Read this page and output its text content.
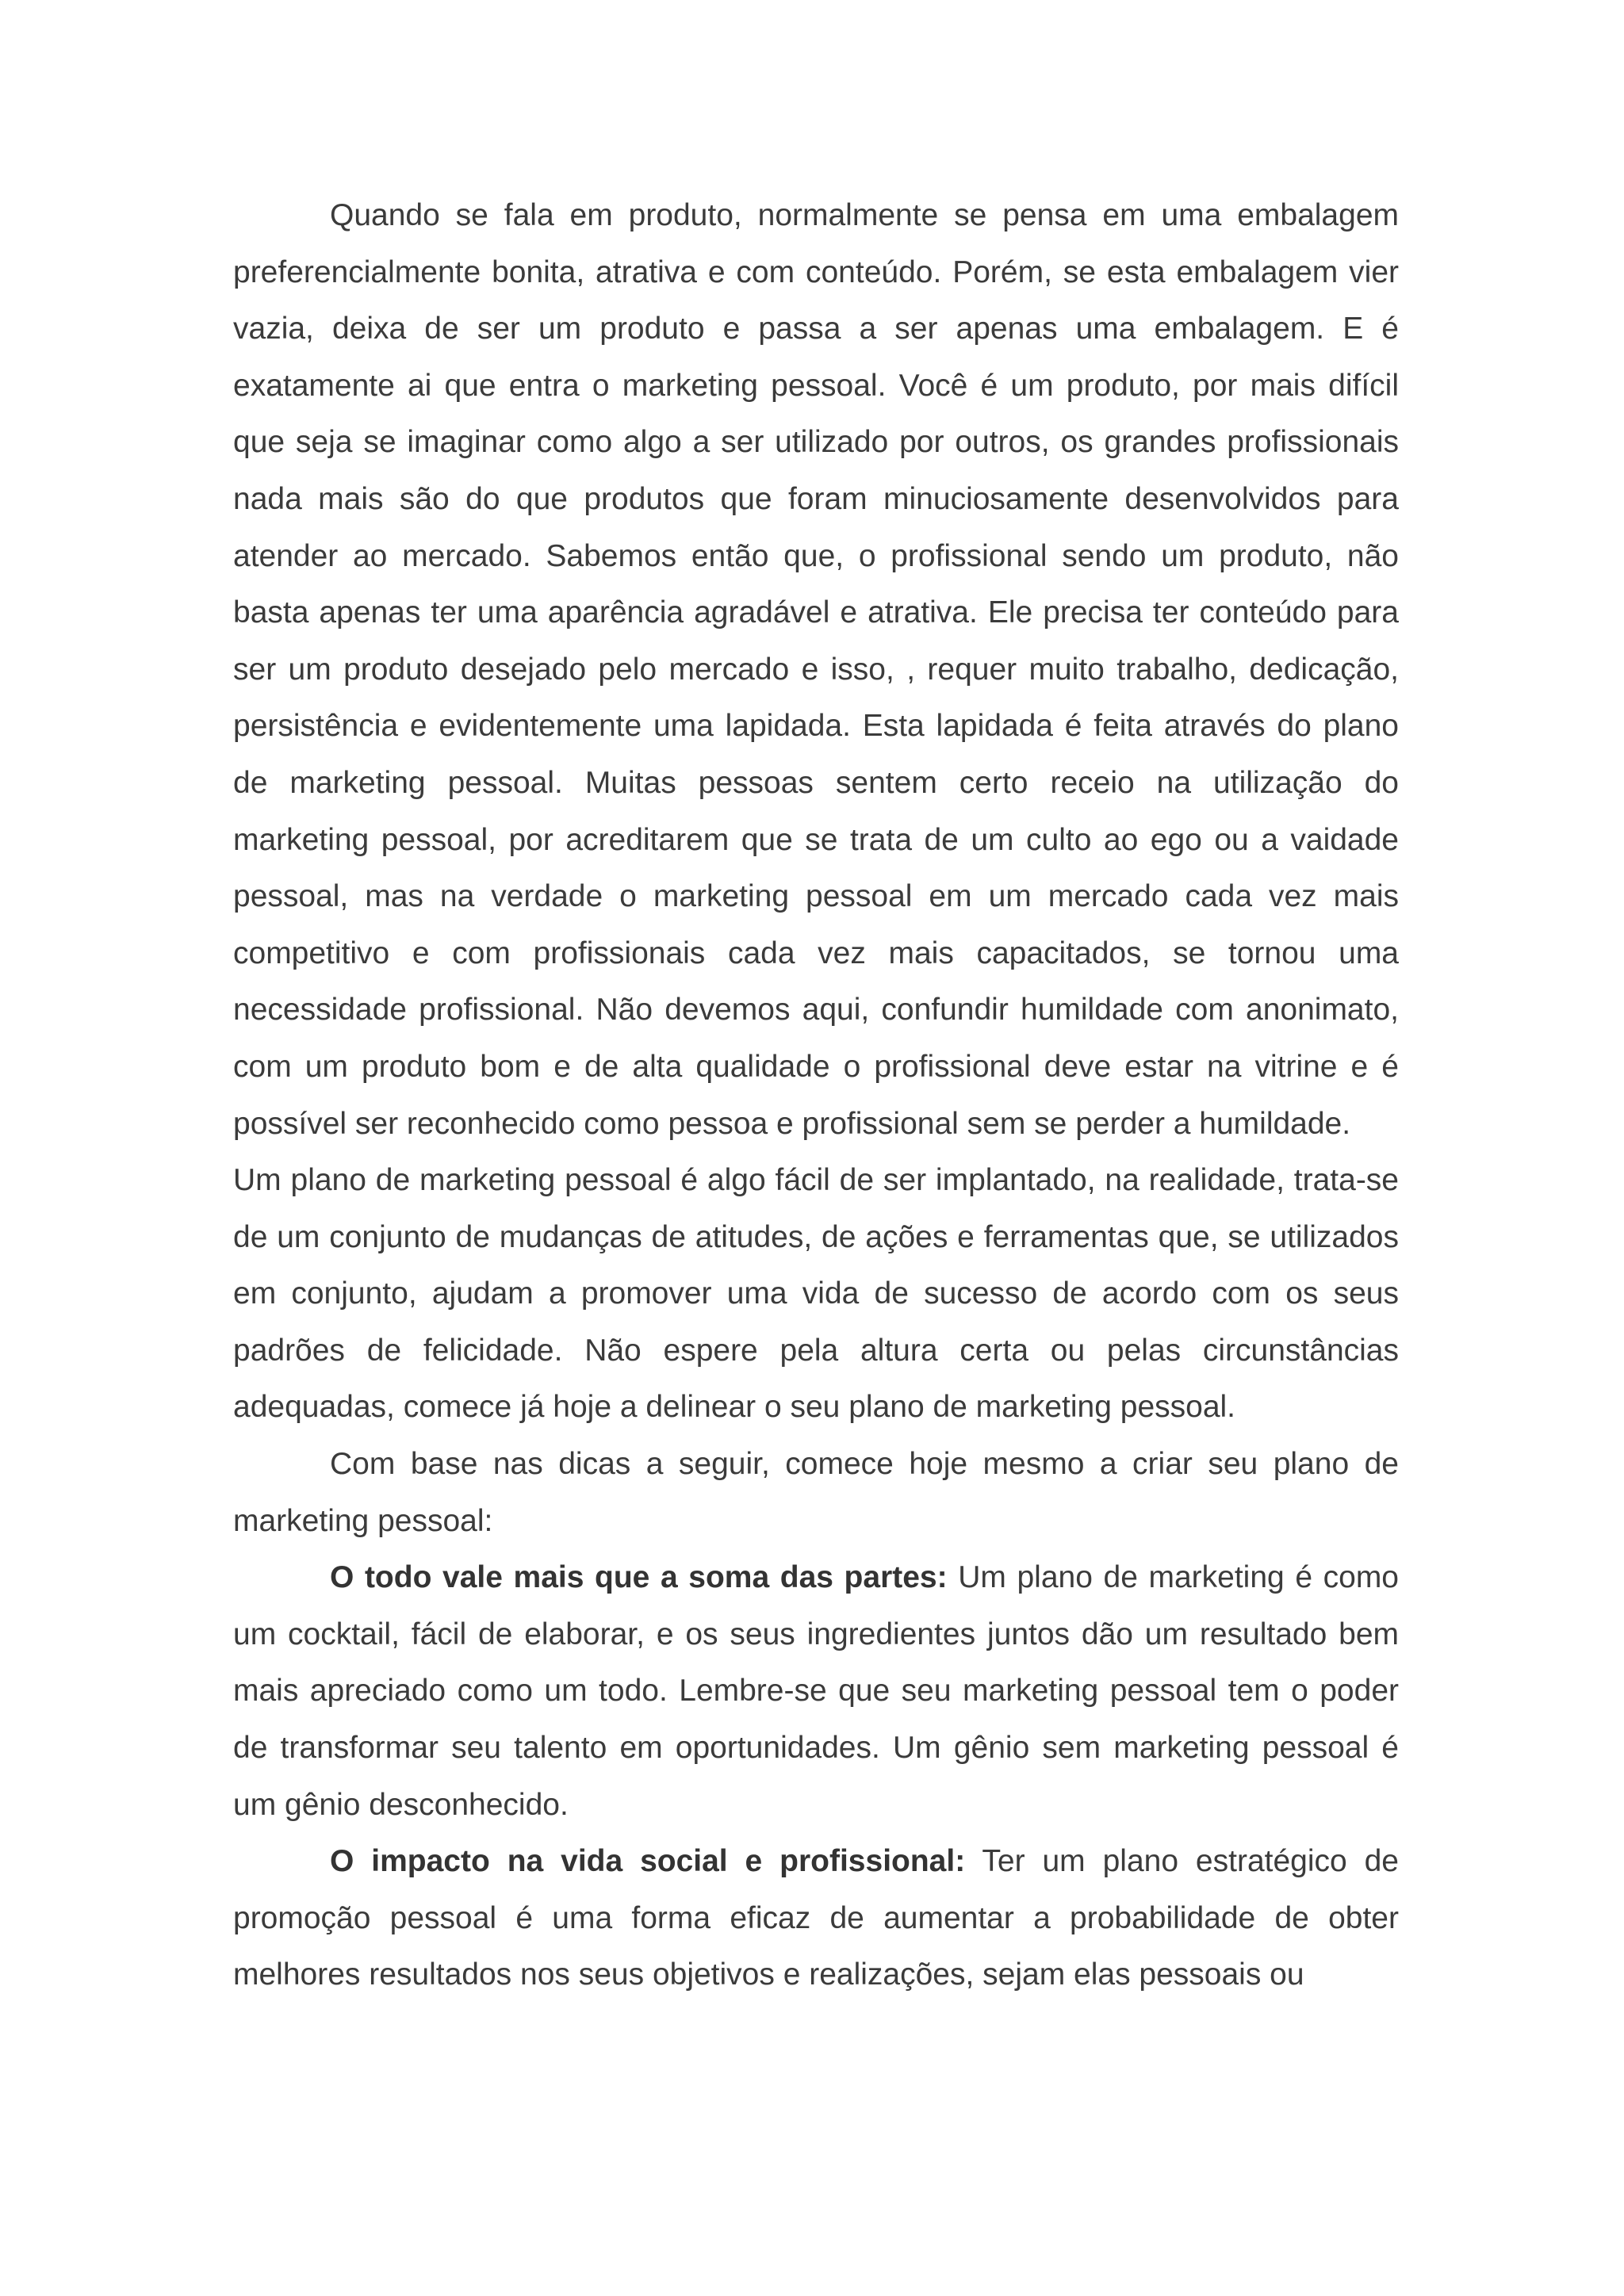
Quando se fala em produto, normalmente se pensa em uma embalagem preferencialmente bonita, atrativa e com conteúdo. Porém, se esta embalagem vier vazia, deixa de ser um produto e passa a ser apenas uma embalagem. E é exatamente ai que entra o marketing pessoal. Você é um produto, por mais difícil que seja se imaginar como algo a ser utilizado por outros, os grandes profissionais nada mais são do que produtos que foram minuciosamente desenvolvidos para atender ao mercado. Sabemos então que, o profissional sendo um produto, não basta apenas ter uma aparência agradável e atrativa. Ele precisa ter conteúdo para ser um produto desejado pelo mercado e isso, , requer muito trabalho, dedicação, persistência e evidentemente uma lapidada. Esta lapidada é feita através do plano de marketing pessoal. Muitas pessoas sentem certo receio na utilização do marketing pessoal, por acreditarem que se trata de um culto ao ego ou a vaidade pessoal, mas na verdade o marketing pessoal em um mercado cada vez mais competitivo e com profissionais cada vez mais capacitados, se tornou uma necessidade profissional. Não devemos aqui, confundir humildade com anonimato, com um produto bom e de alta qualidade o profissional deve estar na vitrine e é possível ser reconhecido como pessoa e profissional sem se perder a humildade.

Um plano de marketing pessoal é algo fácil de ser implantado, na realidade, trata-se de um conjunto de mudanças de atitudes, de ações e ferramentas que, se utilizados em conjunto, ajudam a promover uma vida de sucesso de acordo com os seus padrões de felicidade. Não espere pela altura certa ou pelas circunstâncias adequadas, comece já hoje a delinear o seu plano de marketing pessoal.

Com base nas dicas a seguir, comece hoje mesmo a criar seu plano de marketing pessoal:

O todo vale mais que a soma das partes: Um plano de marketing é como um cocktail, fácil de elaborar, e os seus ingredientes juntos dão um resultado bem mais apreciado como um todo. Lembre-se que seu marketing pessoal tem o poder de transformar seu talento em oportunidades. Um gênio sem marketing pessoal é um gênio desconhecido.

O impacto na vida social e profissional: Ter um plano estratégico de promoção pessoal é uma forma eficaz de aumentar a probabilidade de obter melhores resultados nos seus objetivos e realizações, sejam elas pessoais ou
